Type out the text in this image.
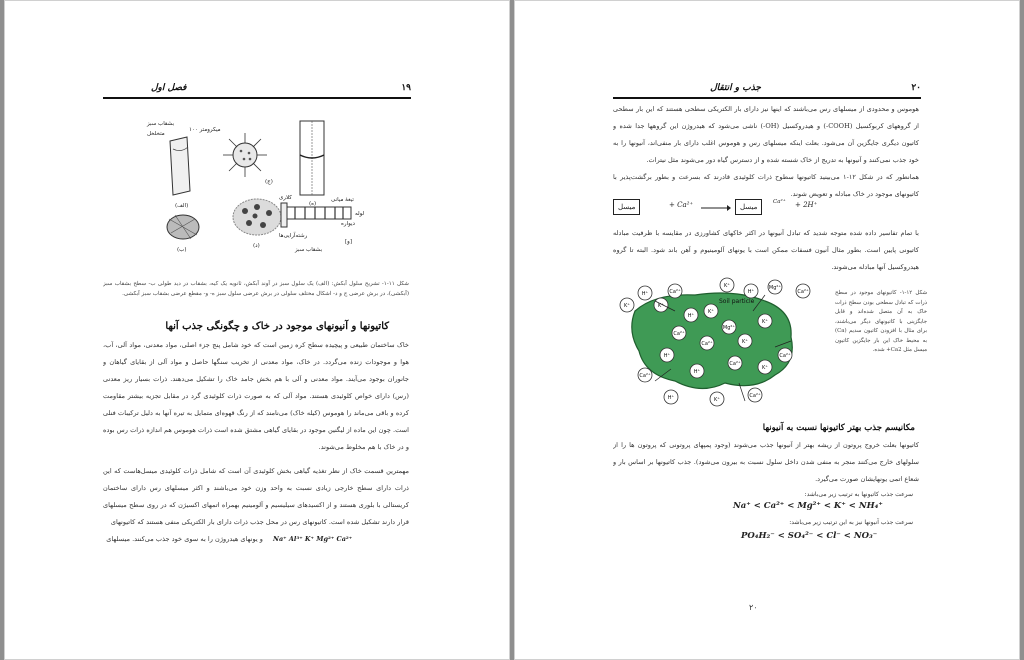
۱۹
فصل اول
۱۰۰ میکرومتر
بشقاب سبز
متخلخل
(الف)
(ب)
(ج)
(د)
(ه)
[و]
کلاری
لوله
دیواره
تیغهٔ میانی
رشته‌آرایی‌ها
بشقاب سبز
شکل ۱۱-۱- تشریح سلول آبکش: (الف) یک سلول سبز در آوند آبکش، ثانویه یک کیه، بشقاب در دید طولی ب- سطح بشقاب سبز (آبکشی)، در برش عرضی ج و د- اشکال مختلف سلولی در برش عرضی سلول سبز ه- و- مقطع عرضی بشقاب سبز آبکشی.
کاتیونها و آنیونهای موجود در خاک و چگونگی جذب آنها
خاک ساختمان طبیعی و پیچیده سطح کره زمین است که خود شامل پنج جزء اصلی، مواد معدنی، مواد آلی، آب، هوا و موجودات زنده می‌گردد. در خاک، مواد معدنی از تخریب سنگها حاصل و مواد آلی از بقایای گیاهان و جانوران بوجود می‌آیند. مواد معدنی و آلی با هم بخش جامد خاک را تشکیل می‌دهند. ذرات بسیار ریز معدنی (رس) دارای خواص کلوئیدی هستند. مواد آلی که به صورت ذرات کلوئیدی گرد در مقابل تجزیه بیشتر مقاومت کرده و باقی می‌ماند را هوموس (کیله خاک) می‌نامند که از رنگ قهوه‌ای متمایل به تیره آنها به دلیل ترکیبات فنلی است. چون این ماده از لیگنین موجود در بقایای گیاهی مشتق شده است ذرات هوموس هم اندازه ذرات رس بوده و در خاک با هم مخلوط می‌شوند.
مهمترین قسمت خاک از نظر تغذیه گیاهی بخش کلوئیدی آن است که شامل ذرات کلوئیدی میسل‌هاست که این ذرات دارای سطح خارجی زیادی نسبت به واحد وزن خود می‌باشند و اکثر میسلهای رس دارای ساختمان کریستالی با بلوری هستند و از اکسیدهای سیلیسیم و آلومینیم بهمراه اتمهای اکسیژن که در روی سطح میسلهای قرار دارند تشکیل شده است. کاتیونهای رس در محل جذب ذرات دارای بار الکتریکی منفی هستند که کاتیونهای
و یونهای هیدروژن را به سوی خود جذب می‌کنند. میسلهای Na⁺ Al³⁺ K⁺ Mg²⁺ Ca²⁺
۲۰
جذب و انتقال
هوموس و محدودی از میسلهای رس می‌باشند که اینها نیز دارای بار الکتریکی سطحی هستند که این بار سطحی از گروههای کربوکسیل (COOH-) و هیدروکسیل (OH-) ناشی می‌شود که هیدروژن این گروهها جدا شده و کاتیون دیگری جایگزین آن می‌شود. بعلت اینکه میسلهای رس و هوموس اغلب دارای بار منفی‌اند، آنیونها را به خود جذب نمی‌کنند و آنیونها به تدریج از خاک شسته شده و از دسترس گیاه دور می‌شوند مثل نیترات.
همانطور که در شکل ۱۲-۱ می‌بینید کاتیونها سطوح ذرات کلوئیدی قادرند که بسرعت و بطور برگشت‌پذیر با کاتیونهای موجود در خاک مبادله و تعویض شوند.
میسل	+ Ca²⁺	میسل
Ca²⁺ + 2H⁺
با تمام تفاسیر داده شده متوجه شدید که تبادل آنیونها در اکثر خاکهای کشاورزی در مقایسه با ظرفیت مبادله کاتیونی پایین است. بطور مثال آنیون فسفات ممکن است با یونهای آلومینیوم و آهن باند شود. البته تا گروه هیدروکسیل آنها مبادله می‌شوند.
Soil particle
K⁺
H⁺
K⁺
Ca²⁺
K⁺
H⁺
Mg²⁺
Ca²⁺
H⁺
K⁺
Mg²⁺
Ca²⁺
Ca²⁺	K⁺
H⁺
K⁺
Ca²⁺
H⁺
K⁺
Ca²⁺
Ca²⁺
H⁺	K⁺
Ca²⁺
شکل ۱۲-۱- کاتیونهای موجود در سطح ذرات که تبادل سطحی بودن سطح ذرات خاک به آن متصل شده‌اند و قابل جایگزینی با کاتیونهای دیگر می‌باشند، برای مثال با افزودن کاتیون سدیم (Ca) به محیط خاک این بار جایگزین کاتیون میسل مثل Ca2+ شده.
مکانیسم جذب بهتر کاتیونها نسبت به آنیونها
کاتیونها بعلت خروج پروتون از ریشه بهتر از آنیونها جذب می‌شوند (وجود پمپهای پروتونی که پروتون ها را از سلولهای خارج می‌کنند منجر به منفی شدن داخل سلول نسبت به بیرون می‌شود). جذب کاتیونها بر اساس بار و شعاع اتمی یونهایشان صورت می‌گیرد.
سرعت جذب کاتیونها به ترتیب زیر می‌باشد:
Na⁺ < Ca²⁺ < Mg²⁺ < K⁺ < NH₄⁺
سرعت جذب آنیونها نیز به این ترتیب زیر می‌باشد:
PO₄H₂⁻ < SO₄²⁻ < Cl⁻ < NO₃⁻
۲۰
